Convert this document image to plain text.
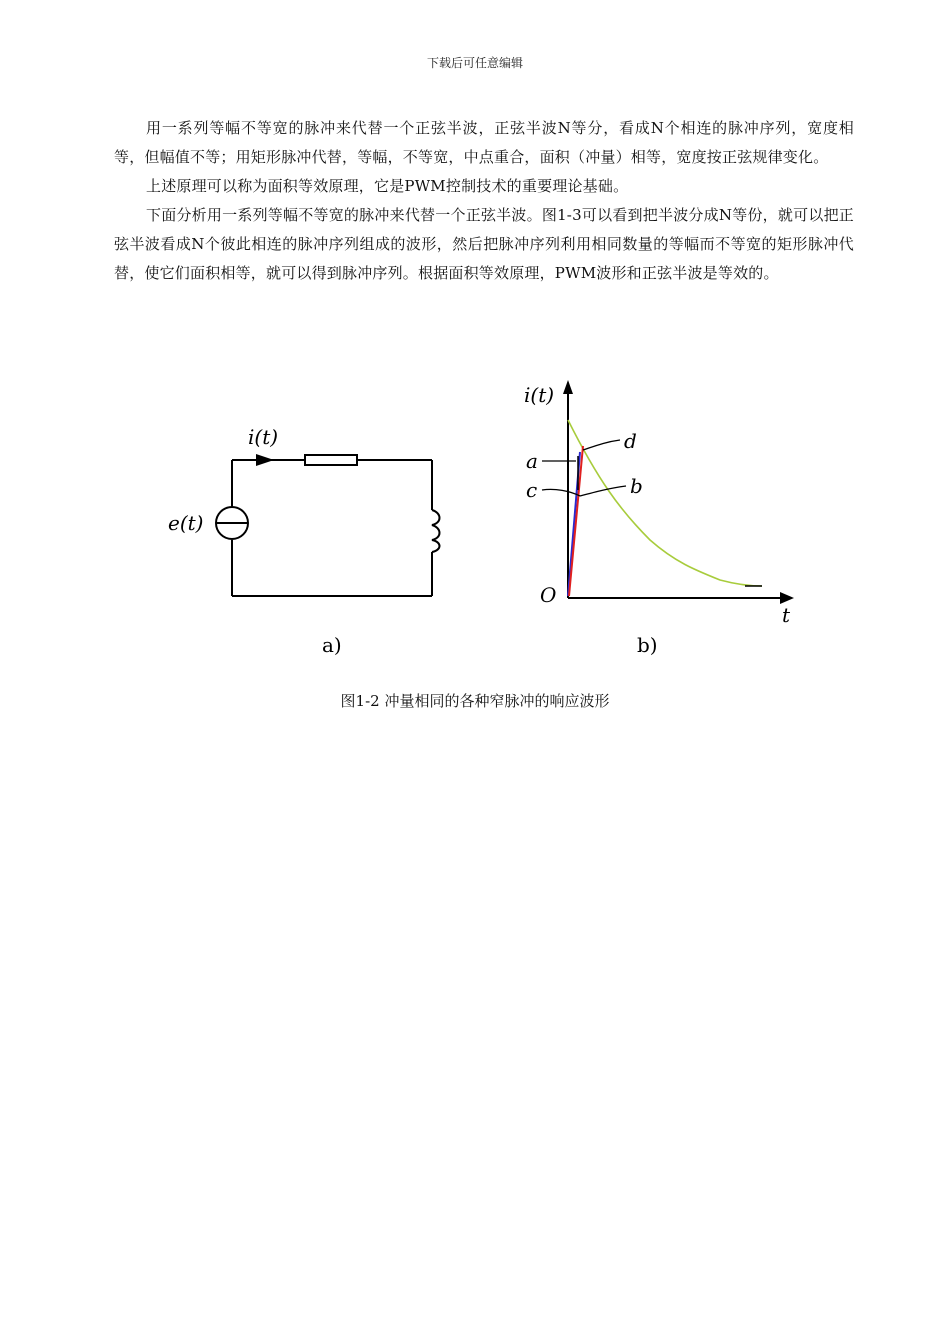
下载后可任意编辑

用一系列等幅不等宽的脉冲来代替一个正弦半波，正弦半波N等分，看成N个相连的脉冲序列，宽度相等，但幅值不等；用矩形脉冲代替，等幅，不等宽，中点重合，面积（冲量）相等，宽度按正弦规律变化。

上述原理可以称为面积等效原理，它是PWM控制技术的重要理论基础。

下面分析用一系列等幅不等宽的脉冲来代替一个正弦半波。图1-3可以看到把半波分成N等份，就可以把正弦半波看成N个彼此相连的脉冲序列组成的波形，然后把脉冲序列利用相同数量的等幅而不等宽的矩形脉冲代替，使它们面积相等，就可以得到脉冲序列。根据面积等效原理，PWM波形和正弦半波是等效的。

i(t)
e(t)
a)
i(t)
t
O
d
a
c	b
b)
图1-2 冲量相同的各种窄脉冲的响应波形
